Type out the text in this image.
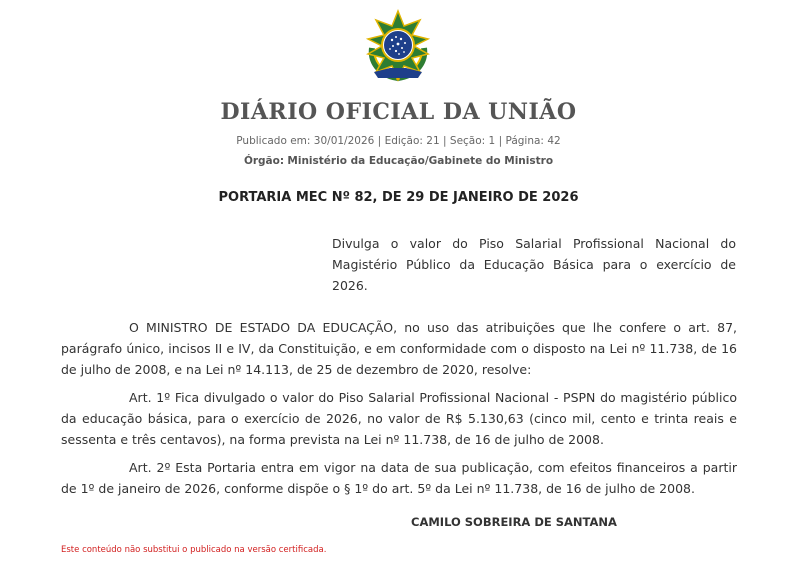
DIÁRIO OFICIAL DA UNIÃO
Publicado em: 30/01/2026 | Edição: 21 | Seção: 1 | Página: 42
Órgão: Ministério da Educação/Gabinete do Ministro
PORTARIA MEC Nº 82, DE 29 DE JANEIRO DE 2026

Divulga o valor do Piso Salarial Profissional Nacional do Magistério Público da Educação Básica para o exercício de 2026.

O MINISTRO DE ESTADO DA EDUCAÇÃO, no uso das atribuições que lhe confere o art. 87, parágrafo único, incisos II e IV, da Constituição, e em conformidade com o disposto na Lei nº 11.738, de 16 de julho de 2008, e na Lei nº 14.113, de 25 de dezembro de 2020, resolve:

Art. 1º Fica divulgado o valor do Piso Salarial Profissional Nacional - PSPN do magistério público da educação básica, para o exercício de 2026, no valor de R$ 5.130,63 (cinco mil, cento e trinta reais e sessenta e três centavos), na forma prevista na Lei nº 11.738, de 16 de julho de 2008.

Art. 2º Esta Portaria entra em vigor na data de sua publicação, com efeitos financeiros a partir de 1º de janeiro de 2026, conforme dispõe o § 1º do art. 5º da Lei nº 11.738, de 16 de julho de 2008.

CAMILO SOBREIRA DE SANTANA
Este conteúdo não substitui o publicado na versão certificada.
